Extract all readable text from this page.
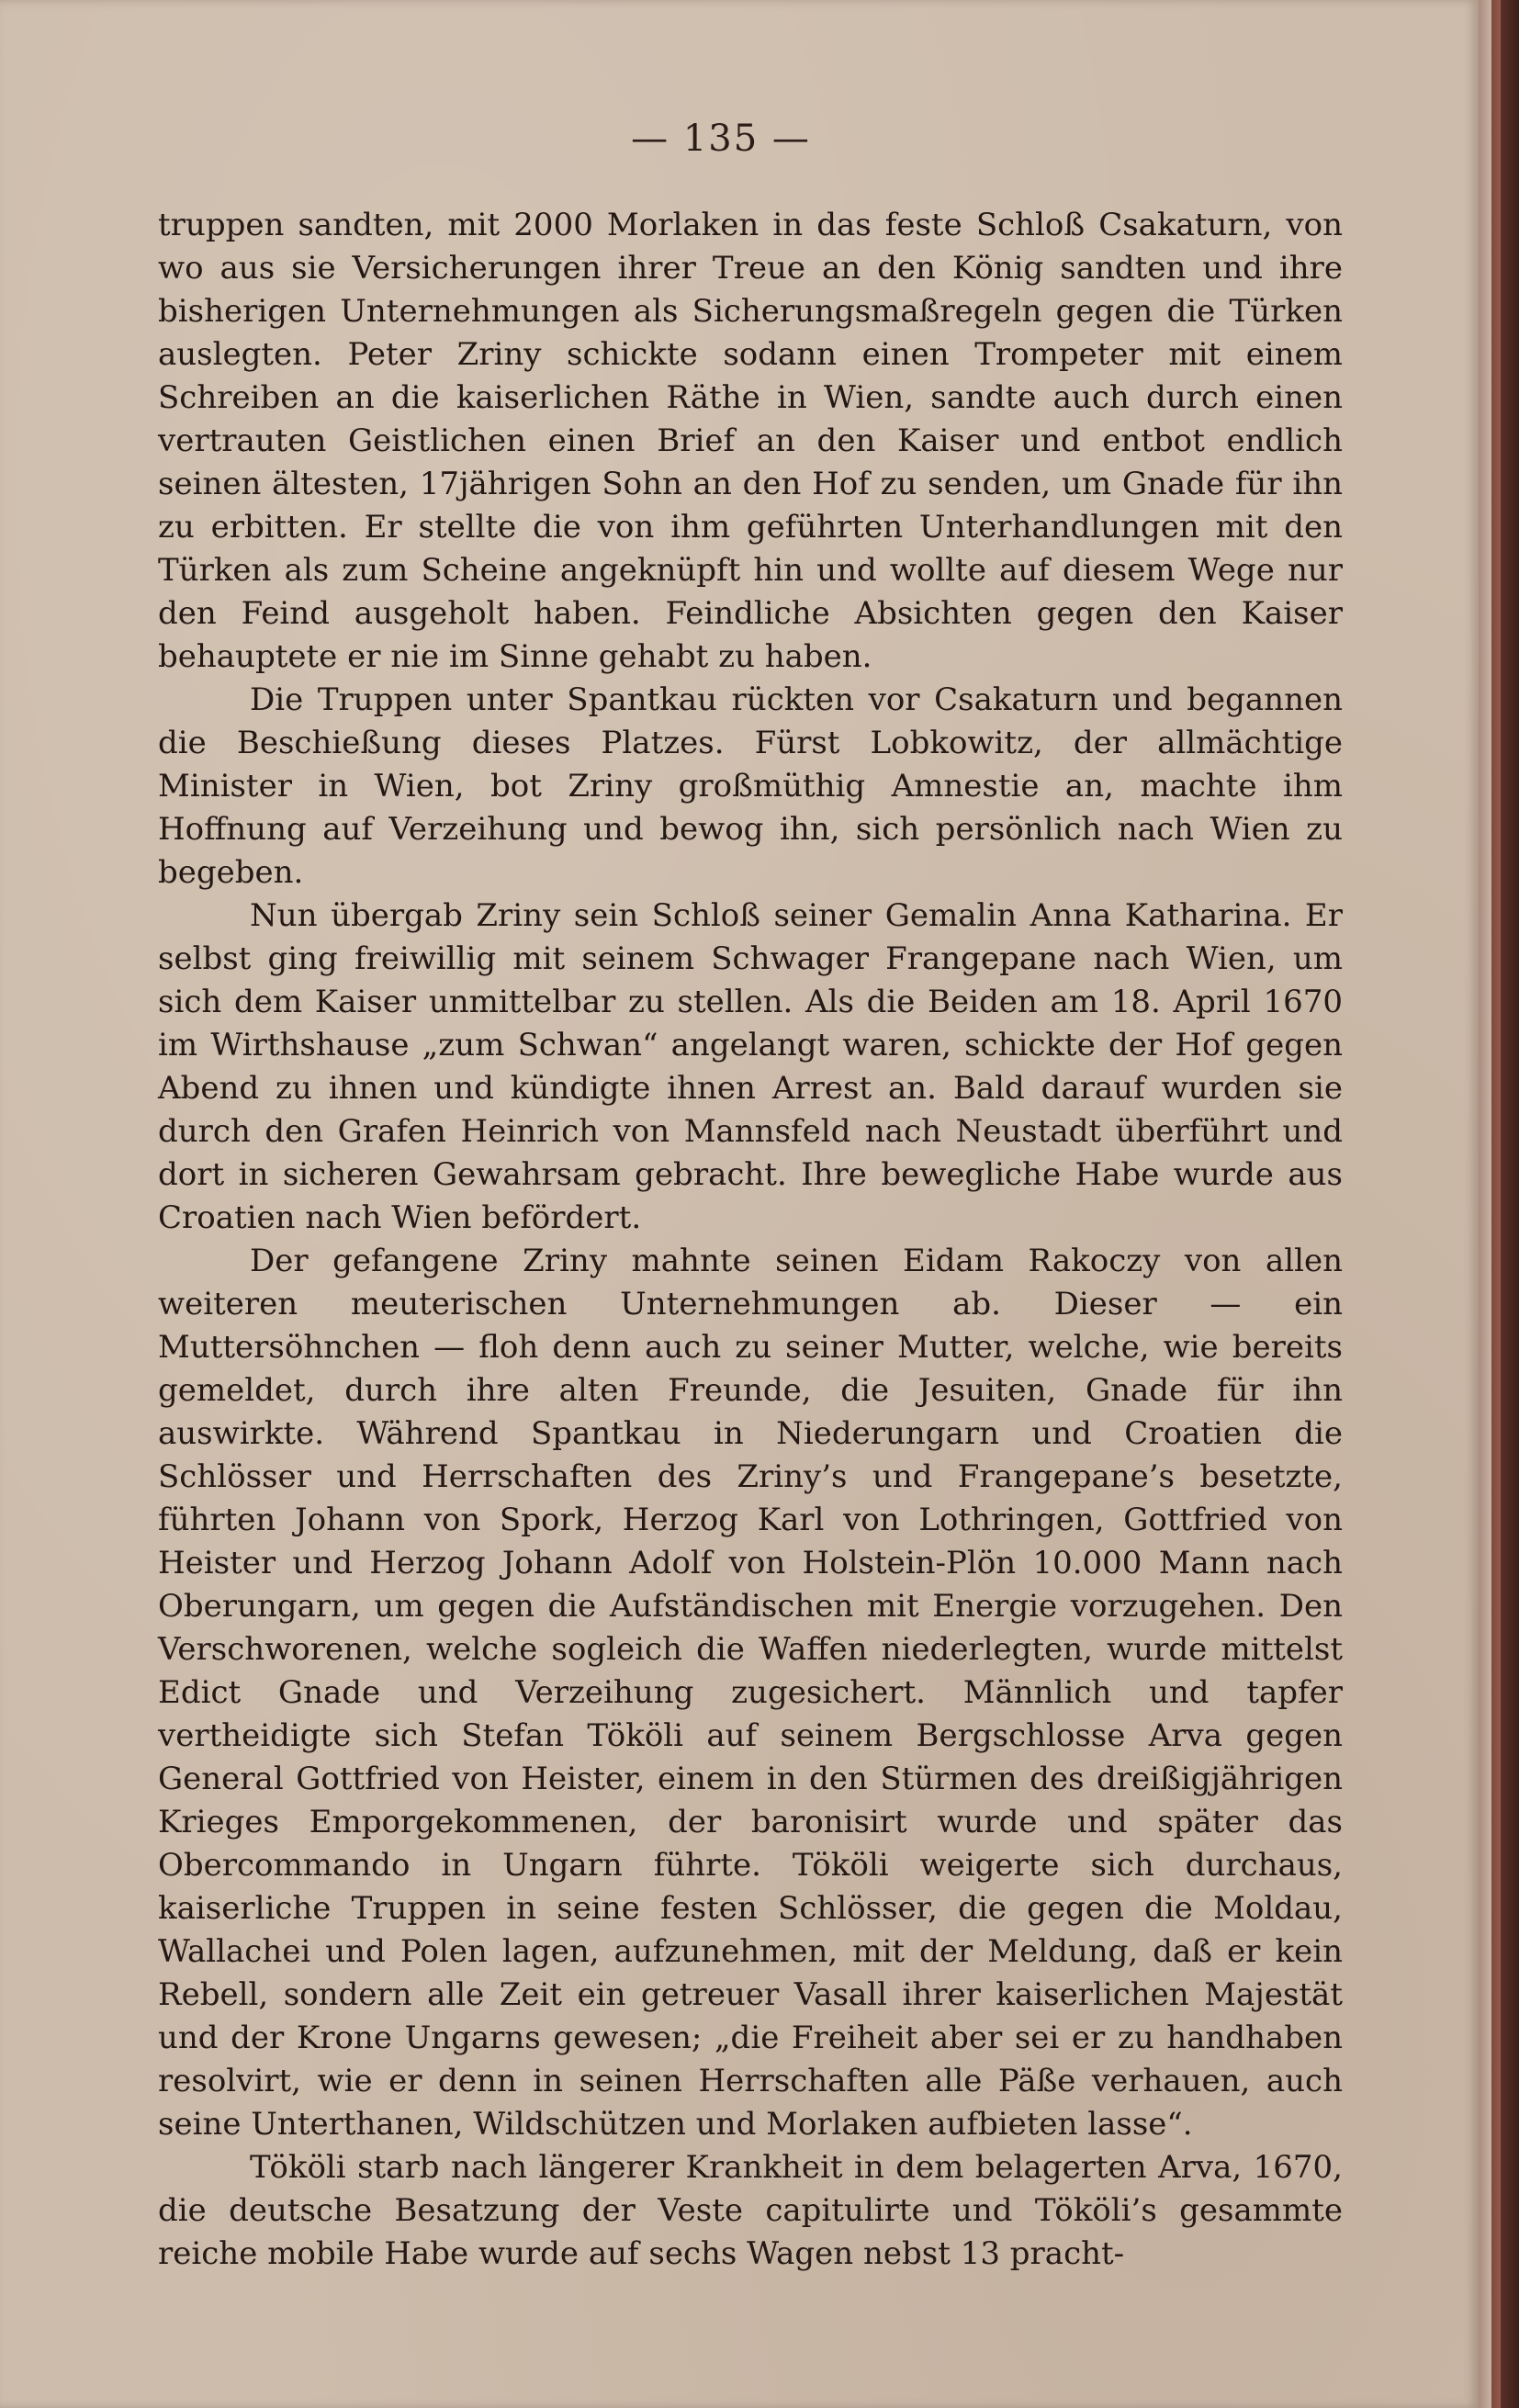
— 135 —

truppen sandten, mit 2000 Morlaken in das feste Schloß Csakaturn, von wo aus sie Versicherungen ihrer Treue an den König sandten und ihre bisherigen Unternehmungen als Sicherungsmaßregeln gegen die Türken auslegten. Peter Zriny schickte sodann einen Trompeter mit einem Schreiben an die kaiserlichen Räthe in Wien, sandte auch durch einen vertrauten Geistlichen einen Brief an den Kaiser und entbot endlich seinen ältesten, 17jährigen Sohn an den Hof zu senden, um Gnade für ihn zu erbitten. Er stellte die von ihm geführten Unterhandlungen mit den Türken als zum Scheine angeknüpft hin und wollte auf diesem Wege nur den Feind ausgeholt haben. Feindliche Absichten gegen den Kaiser behauptete er nie im Sinne gehabt zu haben.

Die Truppen unter Spantkau rückten vor Csakaturn und begannen die Beschießung dieses Platzes. Fürst Lobkowitz, der allmächtige Minister in Wien, bot Zriny großmüthig Amnestie an, machte ihm Hoffnung auf Verzeihung und bewog ihn, sich persönlich nach Wien zu begeben.

Nun übergab Zriny sein Schloß seiner Gemalin Anna Katharina. Er selbst ging freiwillig mit seinem Schwager Frangepane nach Wien, um sich dem Kaiser unmittelbar zu stellen. Als die Beiden am 18. April 1670 im Wirthshause „zum Schwan“ angelangt waren, schickte der Hof gegen Abend zu ihnen und kündigte ihnen Arrest an. Bald darauf wurden sie durch den Grafen Heinrich von Mannsfeld nach Neustadt überführt und dort in sicheren Gewahrsam gebracht. Ihre bewegliche Habe wurde aus Croatien nach Wien befördert.

Der gefangene Zriny mahnte seinen Eidam Rakoczy von allen weiteren meuterischen Unternehmungen ab. Dieser — ein Muttersöhnchen — floh denn auch zu seiner Mutter, welche, wie bereits gemeldet, durch ihre alten Freunde, die Jesuiten, Gnade für ihn auswirkte. Während Spantkau in Niederungarn und Croatien die Schlösser und Herrschaften des Zriny’s und Frangepane’s besetzte, führten Johann von Spork, Herzog Karl von Lothringen, Gottfried von Heister und Herzog Johann Adolf von Holstein-Plön 10.000 Mann nach Oberungarn, um gegen die Aufständischen mit Energie vorzugehen. Den Verschworenen, welche sogleich die Waffen niederlegten, wurde mittelst Edict Gnade und Verzeihung zugesichert. Männlich und tapfer vertheidigte sich Stefan Tököli auf seinem Bergschlosse Arva gegen General Gottfried von Heister, einem in den Stürmen des dreißigjährigen Krieges Emporgekommenen, der baronisirt wurde und später das Obercommando in Ungarn führte. Tököli weigerte sich durchaus, kaiserliche Truppen in seine festen Schlösser, die gegen die Moldau, Wallachei und Polen lagen, aufzunehmen, mit der Meldung, daß er kein Rebell, sondern alle Zeit ein getreuer Vasall ihrer kaiserlichen Majestät und der Krone Ungarns gewesen; „die Freiheit aber sei er zu handhaben resolvirt, wie er denn in seinen Herrschaften alle Päße verhauen, auch seine Unterthanen, Wildschützen und Morlaken aufbieten lasse“.

Tököli starb nach längerer Krankheit in dem belagerten Arva, 1670, die deutsche Besatzung der Veste capitulirte und Tököli’s gesammte reiche mobile Habe wurde auf sechs Wagen nebst 13 pracht-
